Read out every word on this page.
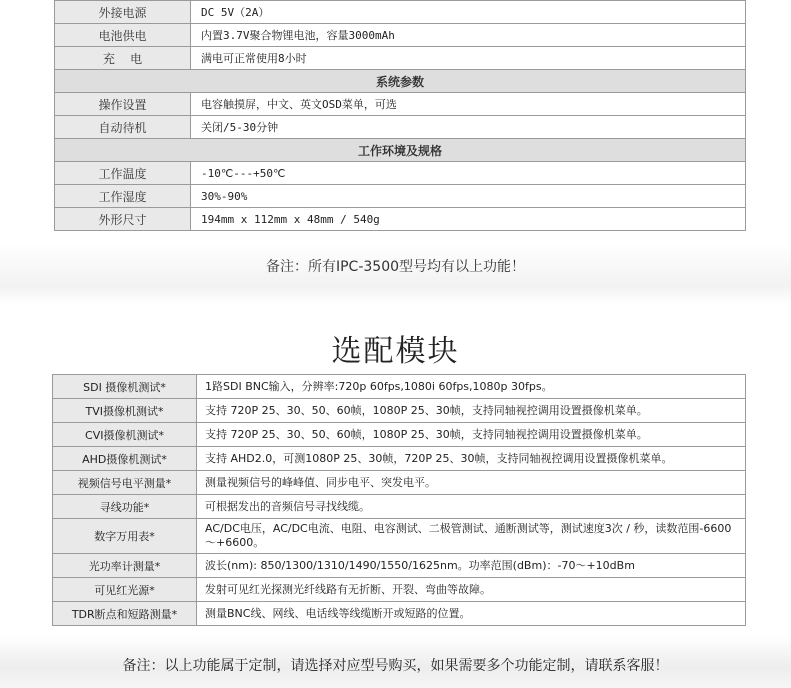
外接电源	DC 5V（2A）
电池供电	内置3.7V聚合物锂电池，容量3000mAh
充    电	满电可正常使用8小时
系统参数	
操作设置	电容触摸屏，中文、英文OSD菜单，可选
自动待机	关闭/5-30分钟
工作环境及规格	
工作温度	-10℃---+50℃
工作湿度	30%-90%
外形尺寸	194mm x 112mm x 48mm / 540g
备注：所有IPC-3500型号均有以上功能！
选配模块
SDI 摄像机测试*	1路SDI BNC输入，分辨率:720p 60fps,1080i 60fps,1080p 30fps。
TVI摄像机测试*	支持 720P 25、30、50、60帧，1080P 25、30帧，支持同轴视控调用设置摄像机菜单。
CVI摄像机测试*	支持 720P 25、30、50、60帧，1080P 25、30帧，支持同轴视控调用设置摄像机菜单。
AHD摄像机测试*	支持 AHD2.0，可测1080P 25、30帧，720P 25、30帧，支持同轴视控调用设置摄像机菜单。
视频信号电平测量*	测量视频信号的峰峰值、同步电平、突发电平。
寻线功能*	可根据发出的音频信号寻找线缆。
数字万用表*	AC/DC电压，AC/DC电流、电阻、电容测试、二极管测试、通断测试等，测试速度3次 / 秒，读数范围-6600～+6600。
光功率计测量*	波长(nm): 850/1300/1310/1490/1550/1625nm。功率范围(dBm)：-70～+10dBm
可见红光源*	发射可见红光探测光纤线路有无折断、开裂、弯曲等故障。
TDR断点和短路测量*	测量BNC线、网线、电话线等线缆断开或短路的位置。
备注：以上功能属于定制，请选择对应型号购买，如果需要多个功能定制，请联系客服！
